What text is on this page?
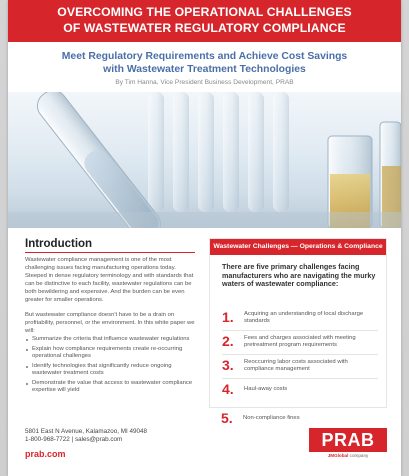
OVERCOMING THE OPERATIONAL CHALLENGES
OF WASTEWATER REGULATORY COMPLIANCE
Meet Regulatory Requirements and Achieve Cost Savings
with Wastewater Treatment Technologies
By Tim Hanna, Vice President Business Development, PRAB
Introduction

Wastewater compliance management is one of the most challenging issues facing manufacturing operations today. Steeped in dense regulatory terminology and with standards that can be distinctive to each facility, wastewater regulations can be both bewildering and expensive. And the burden can be even greater for smaller operations.

But wastewater compliance doesn't have to be a drain on profitability, personnel, or the environment. In this white paper we will:

Summarize the criteria that influence wastewater regulations
Explain how compliance requirements create re-occurring operational challenges
Identify technologies that significantly reduce ongoing wastewater treatment costs
Demonstrate the value that access to wastewater compliance expertise will yield
Wastewater Challenges — Operations & Compliance
There are five primary challenges facing manufacturers who are navigating the murky waters of wastewater compliance:
1. Acquiring an understanding of local discharge standards
2. Fees and charges associated with meeting pretreatment program requirements
3. Reoccurring labor costs associated with compliance management
4. Haul-away costs
5. Non-compliance fines
5801 East N Avenue, Kalamazoo, MI 49048
1-800-968-7722 | sales@prab.com
prab.com
PRAB
JMGlobal company
